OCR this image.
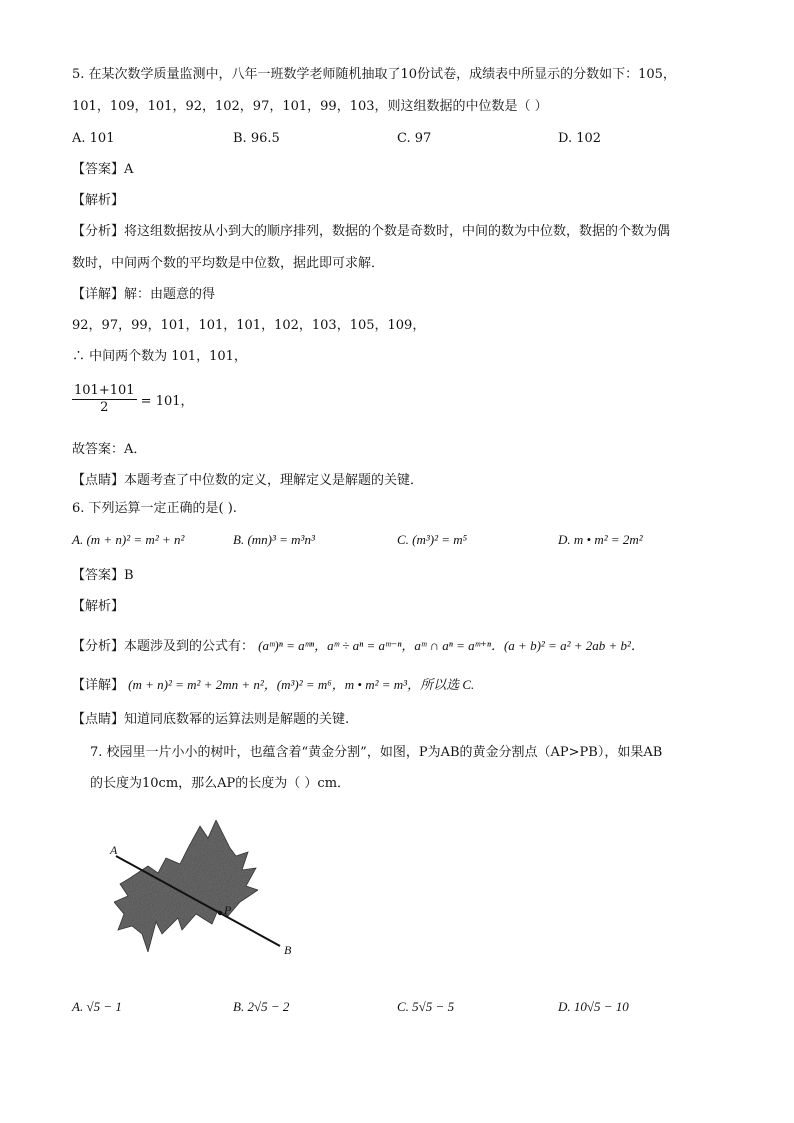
5. 在某次数学质量监测中，八年一班数学老师随机抽取了10份试卷，成绩表中所显示的分数如下：105，
101，109，101，92，102，97，101，99，103，则这组数据的中位数是（ ）
A. 101	B. 96.5	C. 97	D. 102
【答案】A
【解析】
【分析】将这组数据按从小到大的顺序排列，数据的个数是奇数时，中间的数为中位数，数据的个数为偶
数时，中间两个数的平均数是中位数，据此即可求解．
【详解】解：由题意的得
92，97，99，101，101，101，102，103，105，109，
∴ 中间两个数为 101，101，
$\frac{101+101}{2} = 101$，
故答案：A．
【点睛】本题考查了中位数的定义，理解定义是解题的关键．
6. 下列运算一定正确的是( ).
A. (m + n)² = m² + n²	B. (mn)³ = m³n³	C. (m³)² = m⁵	D. m • m² = 2m²
【答案】B
【解析】
【分析】本题涉及到的公式有： (aᵐ)ⁿ = aᵐⁿ，aᵐ ÷ aⁿ = aᵐ⁻ⁿ，aᵐ ∩ aⁿ = aᵐ⁺ⁿ．(a + b)² = a² + 2ab + b²．
【详解】 (m + n)² = m² + 2mn + n²，(m³)² = m⁶，m • m² = m³，所以选 C.
【点睛】知道同底数幂的运算法则是解题的关键.
7. 校园里一片小小的树叶，也蕴含着“黄金分割”，如图，P为AB的黄金分割点（AP>PB），如果AB
的长度为10cm，那么AP的长度为（ ）cm．
A
P
B
A. √5 − 1	B. 2√5 − 2	C. 5√5 − 5	D. 10√5 − 10
